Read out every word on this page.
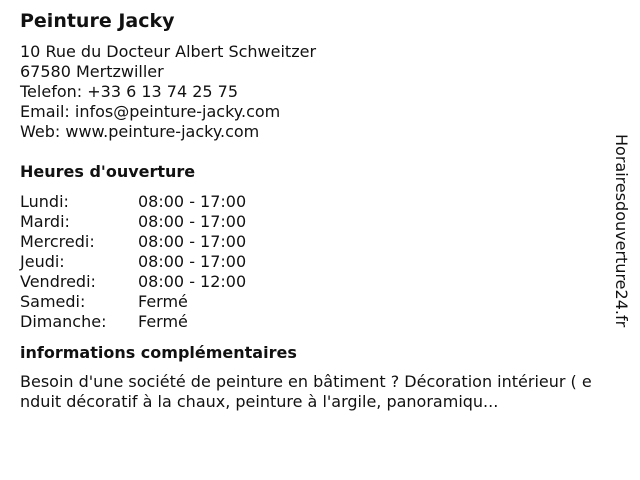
Peinture Jacky
10 Rue du Docteur Albert Schweitzer
67580 Mertzwiller
Telefon: +33 6 13 74 25 75
Email: infos@peinture-jacky.com
Web: www.peinture-jacky.com
Heures d'ouverture
Lundi:	08:00 - 17:00
Mardi:	08:00 - 17:00
Mercredi:	08:00 - 17:00
Jeudi:	08:00 - 17:00
Vendredi:	08:00 - 12:00
Samedi:	Fermé
Dimanche:	Fermé
informations complémentaires
Besoin d'une société de peinture en bâtiment ? Décoration intérieur ( enduit décoratif à la chaux, peinture à l'argile, panoramiqu...
Horairesdouverture24.fr
